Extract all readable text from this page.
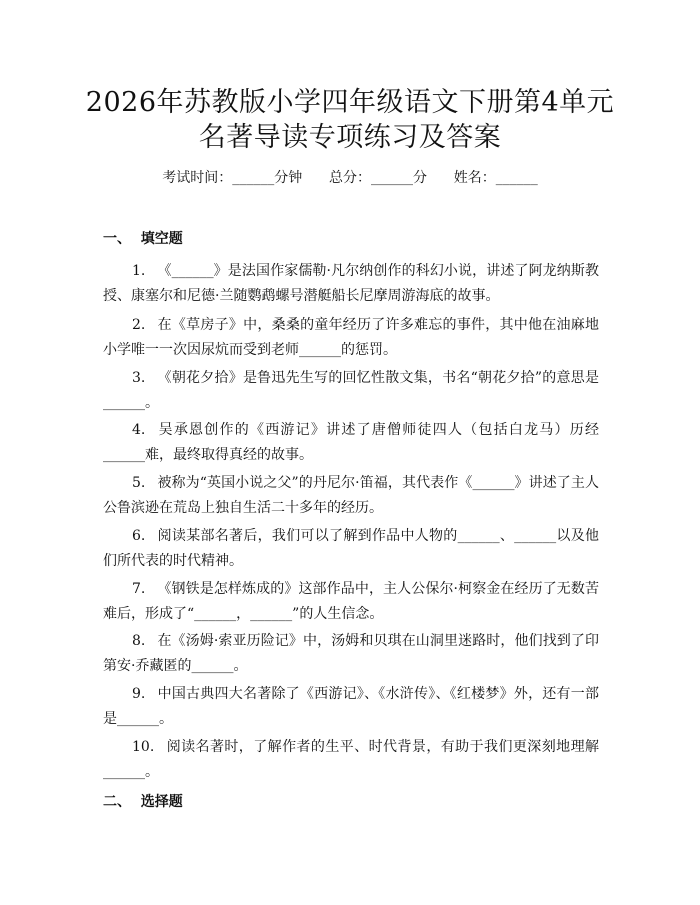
2026年苏教版小学四年级语文下册第4单元
名著导读专项练习及答案
考试时间：______分钟      总分：______分      姓名：______
一、  填空题

1. 《______》是法国作家儒勒·凡尔纳创作的科幻小说，讲述了阿龙纳斯教授、康塞尔和尼德·兰随鹦鹉螺号潜艇船长尼摩周游海底的故事。

2. 在《草房子》中，桑桑的童年经历了许多难忘的事件，其中他在油麻地小学唯一一次因尿炕而受到老师______的惩罚。

3. 《朝花夕拾》是鲁迅先生写的回忆性散文集，书名“朝花夕拾”的意思是______。

4. 吴承恩创作的《西游记》讲述了唐僧师徒四人（包括白龙马）历经______难，最终取得真经的故事。

5. 被称为“英国小说之父”的丹尼尔·笛福，其代表作《______》讲述了主人公鲁滨逊在荒岛上独自生活二十多年的经历。

6. 阅读某部名著后，我们可以了解到作品中人物的______、______以及他们所代表的时代精神。

7. 《钢铁是怎样炼成的》这部作品中，主人公保尔·柯察金在经历了无数苦难后，形成了“______，______”的人生信念。

8. 在《汤姆·索亚历险记》中，汤姆和贝琪在山洞里迷路时，他们找到了印第安·乔藏匿的______。

9. 中国古典四大名著除了《西游记》、《水浒传》、《红楼梦》外，还有一部是______。

10. 阅读名著时，了解作者的生平、时代背景，有助于我们更深刻地理解______。

二、  选择题
